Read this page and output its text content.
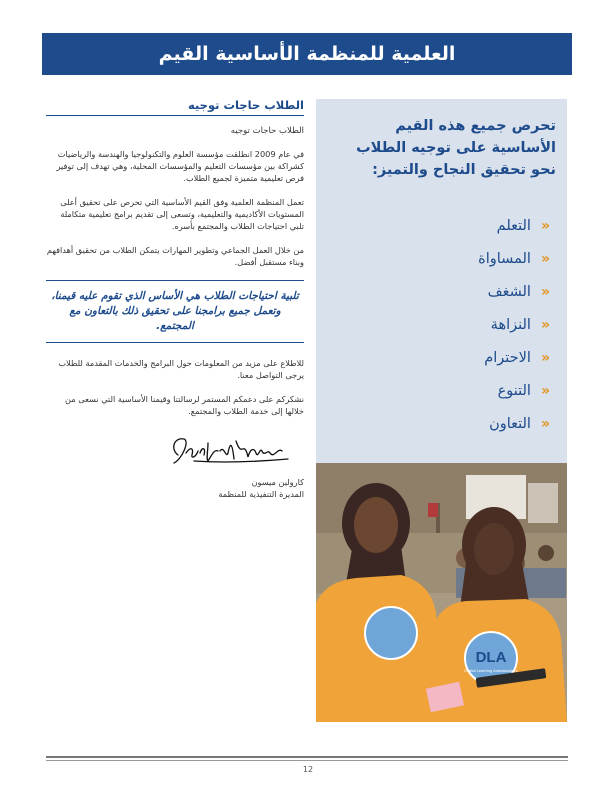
العلمية للمنظمة الأساسية القيم
الطلاب حاجات توجيه

الطلاب حاجات توجيه

في عام 2009 انطلقت مؤسسة العلوم والتكنولوجيا والهندسة والرياضيات كشراكة بين مؤسسات التعليم والمؤسسات المحلية، وهي تهدف إلى توفير فرص تعليمية متميزة لجميع الطلاب.

تعمل المنظمة العلمية وفق القيم الأساسية التي تحرص على تحقيق أعلى المستويات الأكاديمية والتعليمية، وتسعى إلى تقديم برامج تعليمية متكاملة تلبي احتياجات الطلاب والمجتمع بأسره.

من خلال العمل الجماعي وتطوير المهارات يتمكن الطلاب من تحقيق أهدافهم وبناء مستقبل أفضل.

تلبية احتياجات الطلاب هي الأساس الذي تقوم عليه قيمنا، وتعمل جميع برامجنا على تحقيق ذلك بالتعاون مع المجتمع.

للاطلاع على مزيد من المعلومات حول البرامج والخدمات المقدمة للطلاب يرجى التواصل معنا.

نشكركم على دعمكم المستمر لرسالتنا وقيمنا الأساسية التي نسعى من خلالها إلى خدمة الطلاب والمجتمع.

كارولين ميسون

المديرة التنفيذية للمنظمة

تحرص جميع هذه القيم الأساسية على توجيه الطلاب نحو تحقيق النجاح والتميز:

«
التعلم
«
المساواة
«
الشغف
«
النزاهة
«
الاحترام
«
التنوع
«
التعاون
DLA
Digital Learning Ambassadors
12
